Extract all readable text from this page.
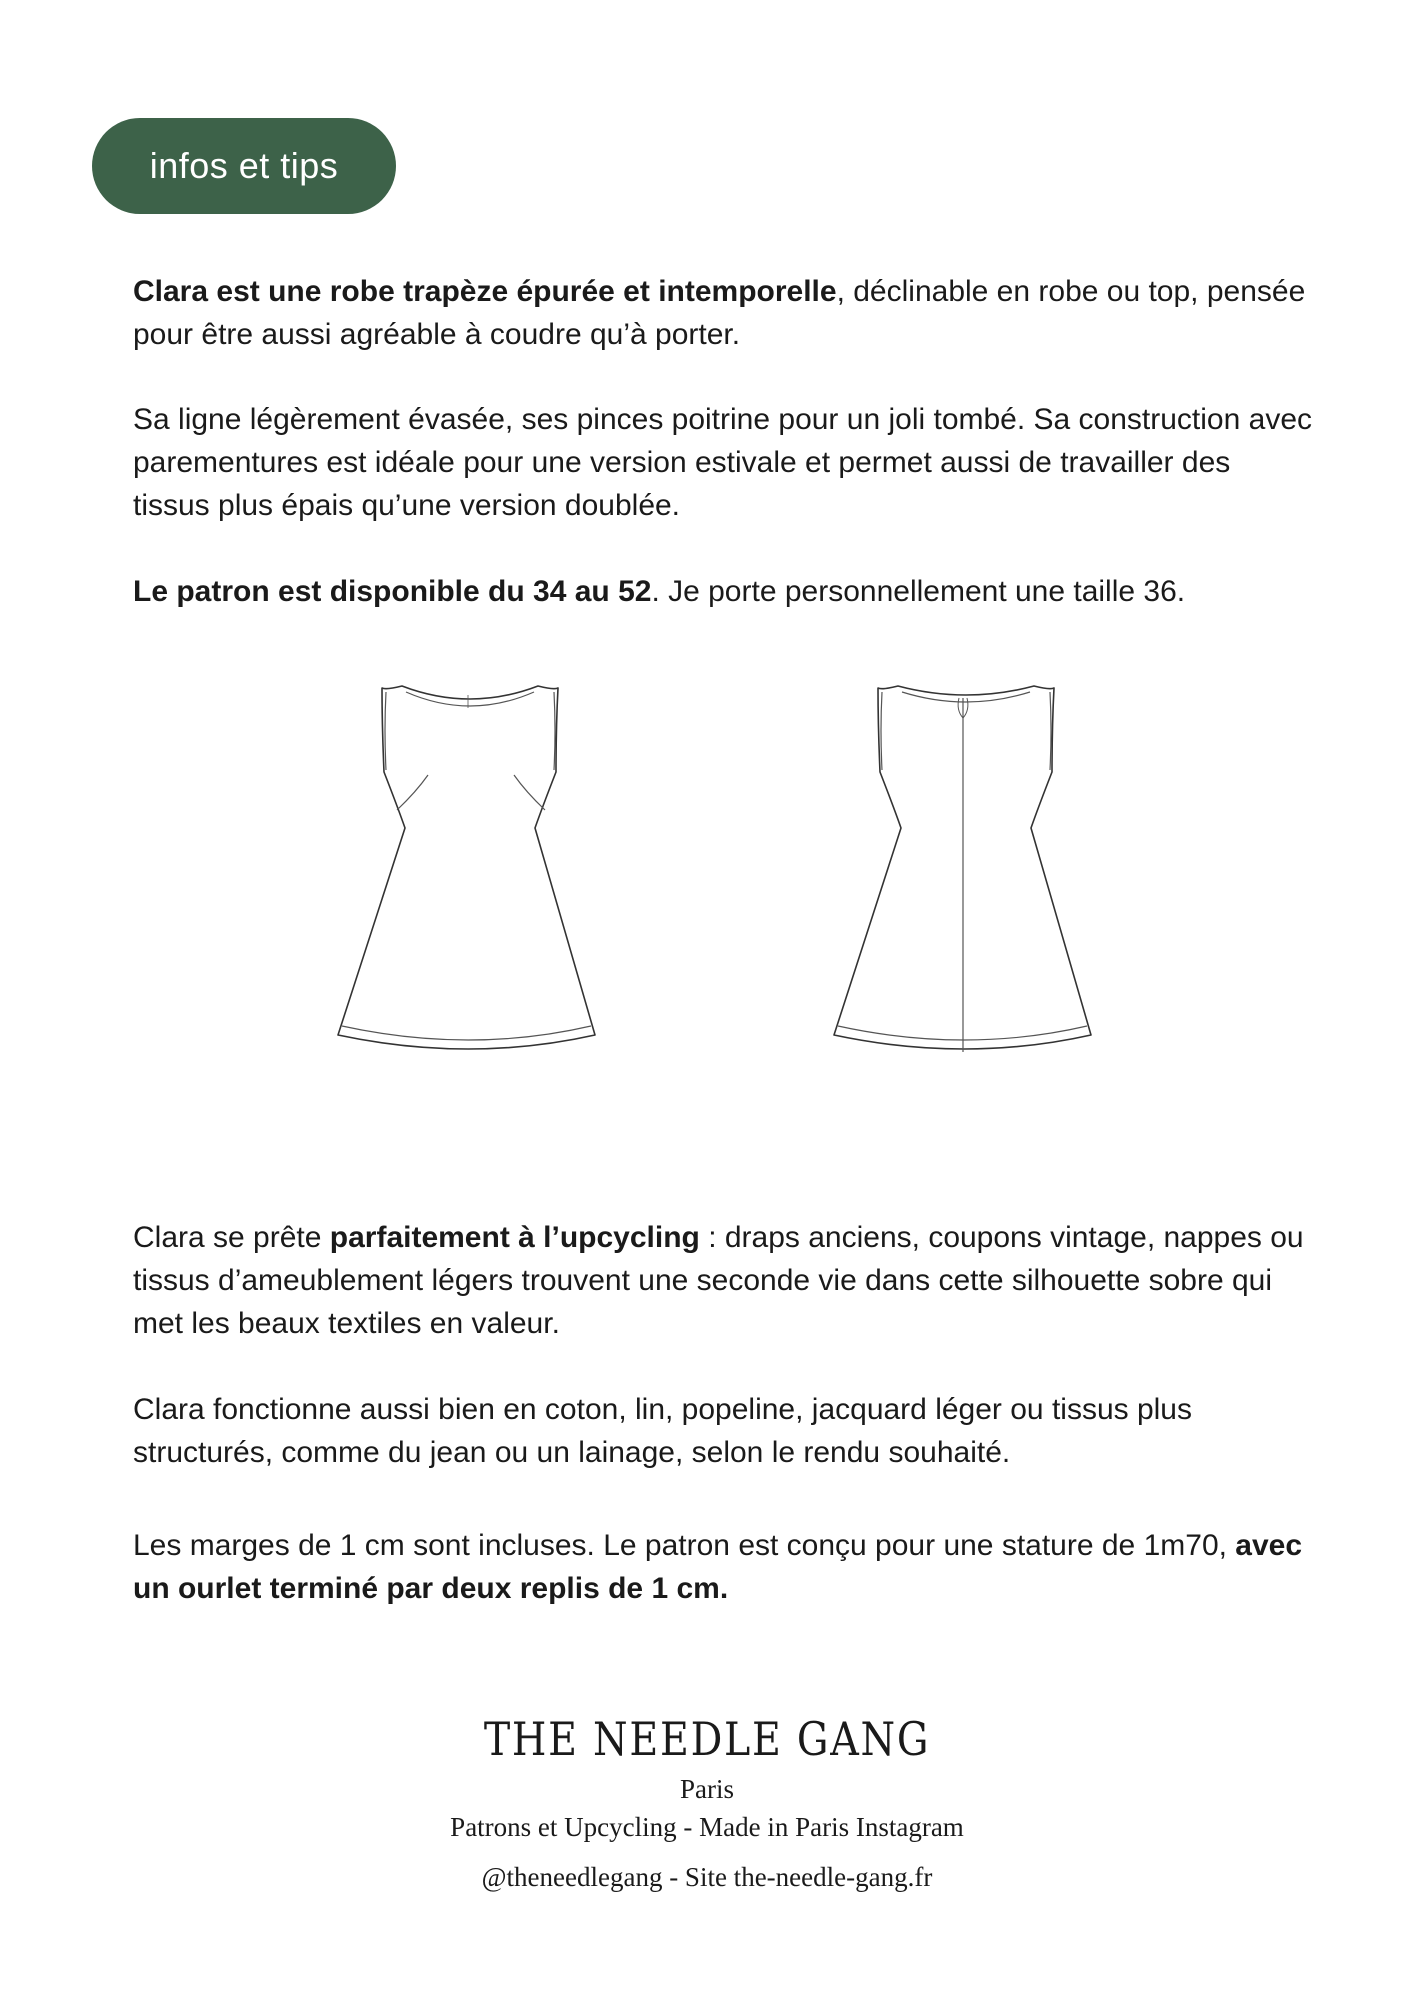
infos et tips

Clara est une robe trapèze épurée et intemporelle, déclinable en robe ou top, pensée pour être aussi agréable à coudre qu’à porter.

Sa ligne légèrement évasée, ses pinces poitrine pour un joli tombé. Sa construction avec parementures est idéale pour une version estivale et permet aussi de travailler des tissus plus épais qu’une version doublée.

Le patron est disponible du 34 au 52. Je porte personnellement une taille 36.

Clara se prête parfaitement à l’upcycling : draps anciens, coupons vintage, nappes ou tissus d’ameublement légers trouvent une seconde vie dans cette silhouette sobre qui met les beaux textiles en valeur.

Clara fonctionne aussi bien en coton, lin, popeline, jacquard léger ou tissus plus structurés, comme du jean ou un lainage, selon le rendu souhaité.

Les marges de 1 cm sont incluses. Le patron est conçu pour une stature de 1m70, avec un ourlet terminé par deux replis de 1 cm.

THE NEEDLE GANG
Paris
Patrons et Upcycling - Made in Paris Instagram
@theneedlegang - Site the-needle-gang.fr
